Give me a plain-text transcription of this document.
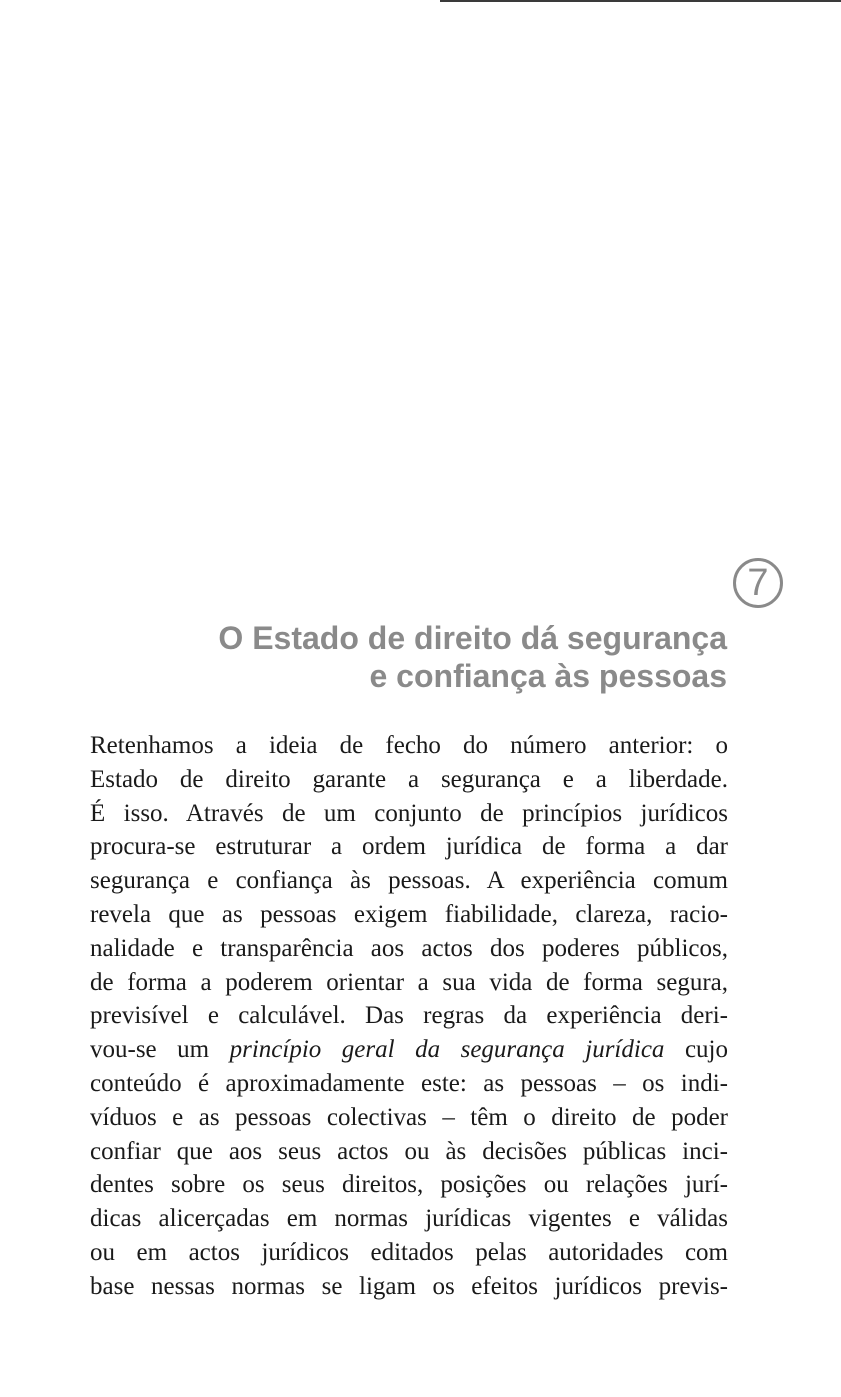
7
O Estado de direito dá segurança
e confiança às pessoas
Retenhamos a ideia de fecho do número anterior: o
Estado de direito garante a segurança e a liberdade.
É isso. Através de um conjunto de princípios jurídicos
procura-se estruturar a ordem jurídica de forma a dar
segurança e confiança às pessoas. A experiência comum
revela que as pessoas exigem fiabilidade, clareza, racio-
nalidade e transparência aos actos dos poderes públicos,
de forma a poderem orientar a sua vida de forma segura,
previsível e calculável. Das regras da experiência deri-
vou-se um princípio geral da segurança jurídica cujo
conteúdo é aproximadamente este: as pessoas – os indi-
víduos e as pessoas colectivas – têm o direito de poder
confiar que aos seus actos ou às decisões públicas inci-
dentes sobre os seus direitos, posições ou relações jurí-
dicas alicerçadas em normas jurídicas vigentes e válidas
ou em actos jurídicos editados pelas autoridades com
base nessas normas se ligam os efeitos jurídicos previs-
